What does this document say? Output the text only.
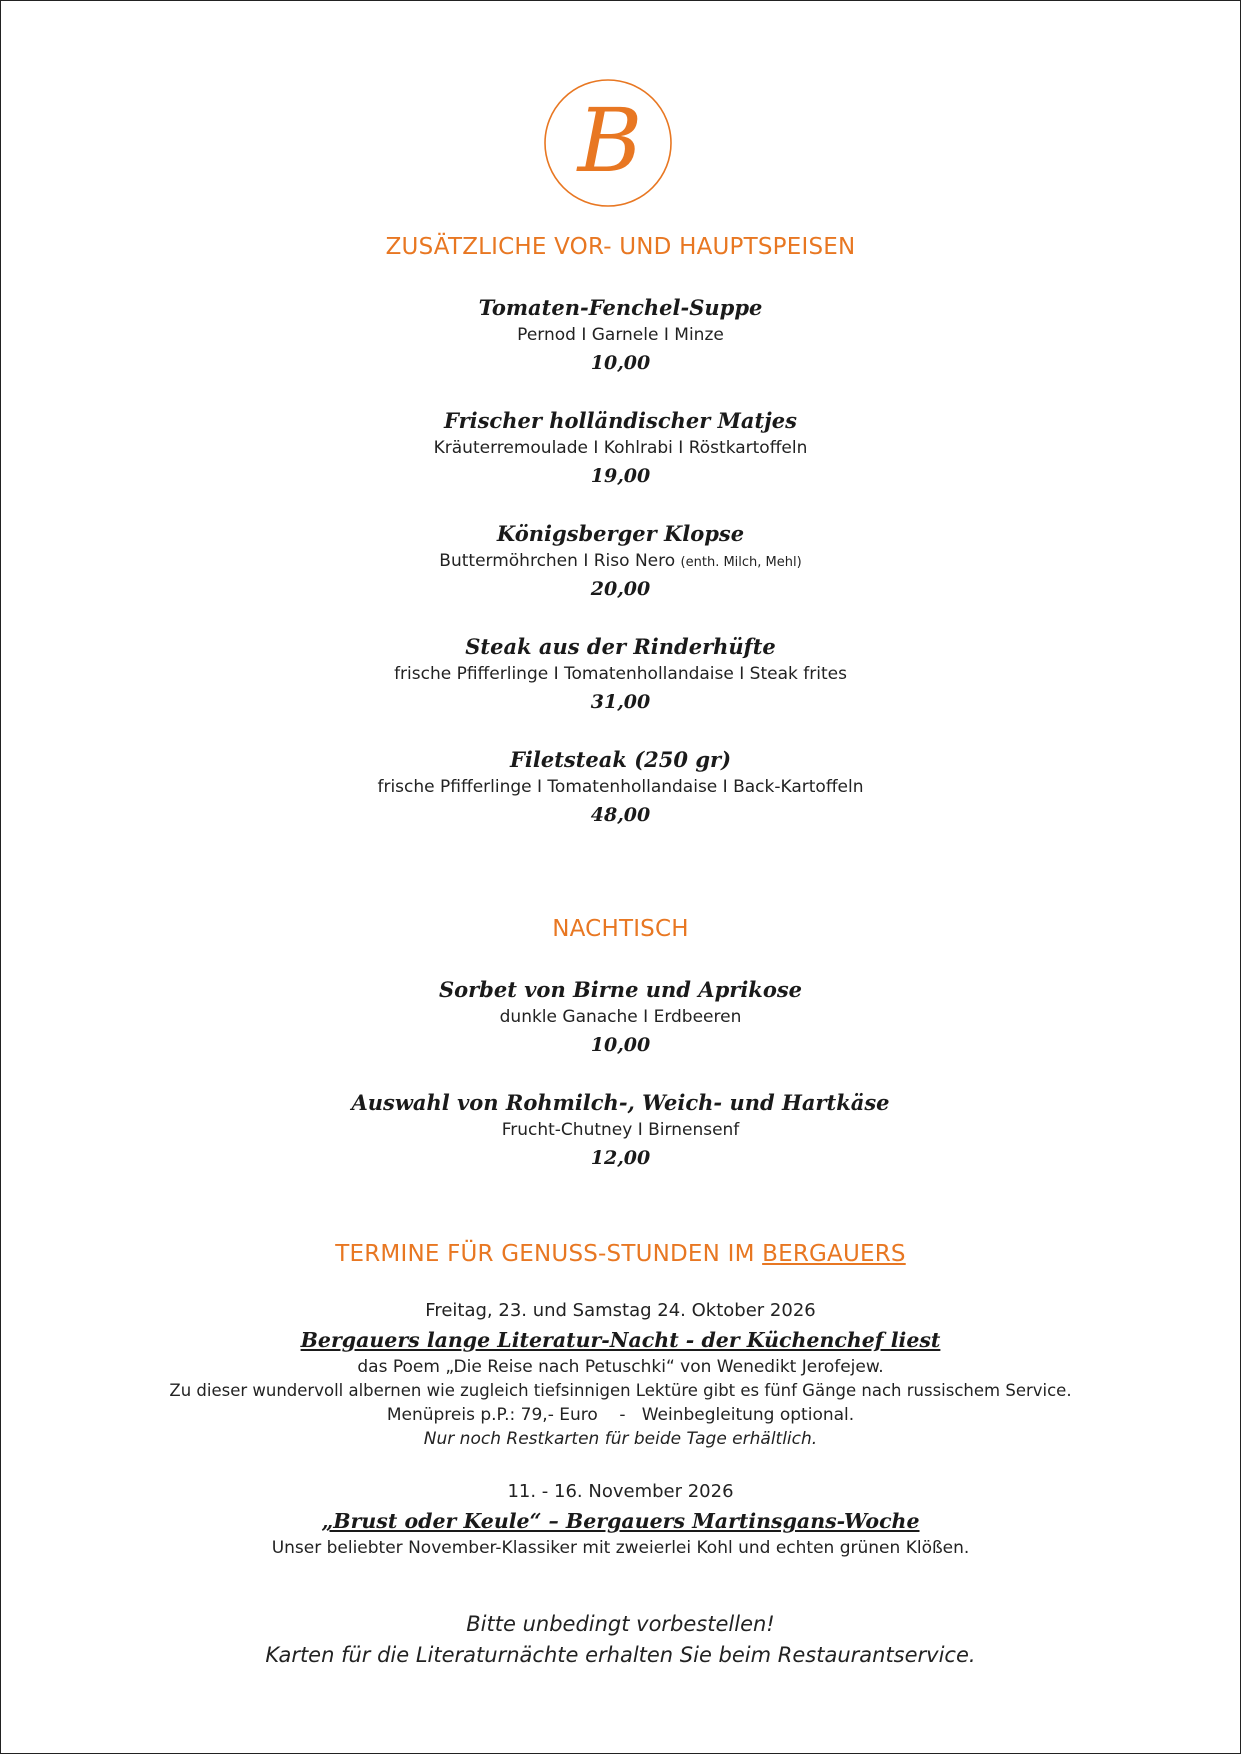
B
ZUSÄTZLICHE VOR- UND HAUPTSPEISEN
Tomaten-Fenchel-Suppe
Pernod I Garnele I Minze
10,00
Frischer holländischer Matjes
Kräuterremoulade I Kohlrabi I Röstkartoffeln
19,00
Königsberger Klopse
Buttermöhrchen I Riso Nero (enth. Milch, Mehl)
20,00
Steak aus der Rinderhüfte
frische Pfifferlinge I Tomatenhollandaise I Steak frites
31,00
Filetsteak (250 gr)
frische Pfifferlinge I Tomatenhollandaise I Back-Kartoffeln
48,00
NACHTISCH
Sorbet von Birne und Aprikose
dunkle Ganache I Erdbeeren
10,00
Auswahl von Rohmilch-, Weich- und Hartkäse
Frucht-Chutney I Birnensenf
12,00
TERMINE FÜR GENUSS-STUNDEN IM BERGAUERS
Freitag, 23. und Samstag 24. Oktober 2026
Bergauers lange Literatur-Nacht - der Küchenchef liest
das Poem „Die Reise nach Petuschki“ von Wenedikt Jerofejew.
Zu dieser wundervoll albernen wie zugleich tiefsinnigen Lektüre gibt es fünf Gänge nach russischem Service.
Menüpreis p.P.: 79,- Euro    -   Weinbegleitung optional.
Nur noch Restkarten für beide Tage erhältlich.
11. - 16. November 2026
„Brust oder Keule“ – Bergauers Martinsgans-Woche
Unser beliebter November-Klassiker mit zweierlei Kohl und echten grünen Klößen.
Bitte unbedingt vorbestellen!
Karten für die Literaturnächte erhalten Sie beim Restaurantservice.
